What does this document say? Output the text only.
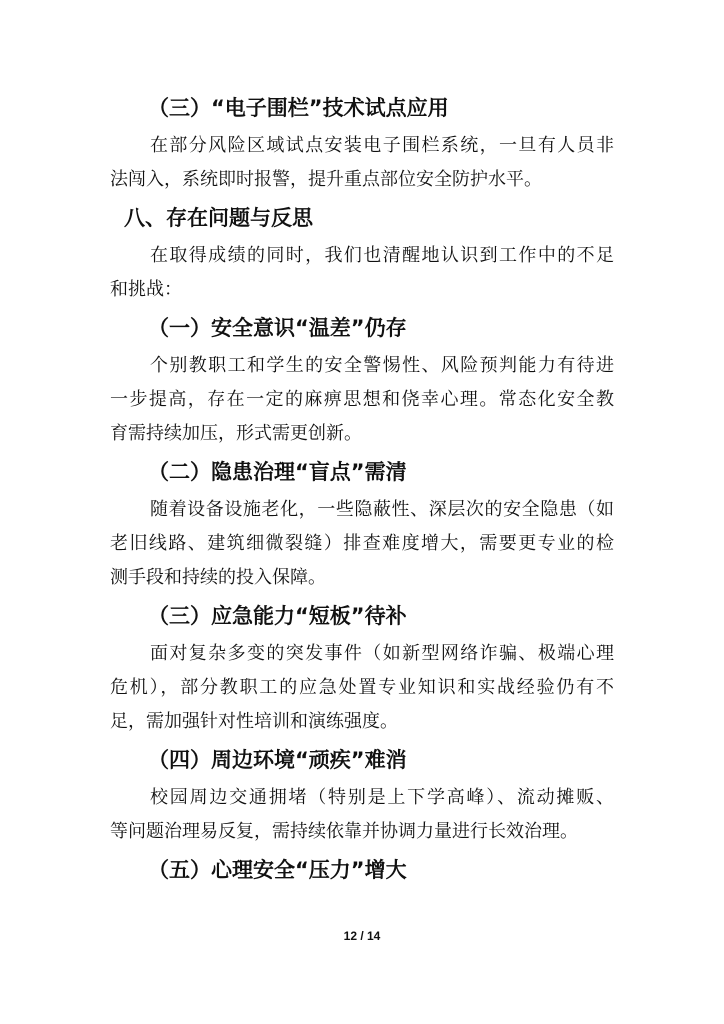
（三）“电子围栏”技术试点应用
在部分风险区域试点安装电子围栏系统，一旦有人员非
法闯入，系统即时报警，提升重点部位安全防护水平。
八、存在问题与反思
在取得成绩的同时，我们也清醒地认识到工作中的不足
和挑战：
（一）安全意识“温差”仍存
个别教职工和学生的安全警惕性、风险预判能力有待进
一步提高，存在一定的麻痹思想和侥幸心理。常态化安全教
育需持续加压，形式需更创新。
（二）隐患治理“盲点”需清
随着设备设施老化，一些隐蔽性、深层次的安全隐患（如
老旧线路、建筑细微裂缝）排查难度增大，需要更专业的检
测手段和持续的投入保障。
（三）应急能力“短板”待补
面对复杂多变的突发事件（如新型网络诈骗、极端心理
危机），部分教职工的应急处置专业知识和实战经验仍有不
足，需加强针对性培训和演练强度。
（四）周边环境“顽疾”难消
校园周边交通拥堵（特别是上下学高峰）、流动摊贩、
等问题治理易反复，需持续依靠并协调力量进行长效治理。
（五）心理安全“压力”增大
12 / 14
